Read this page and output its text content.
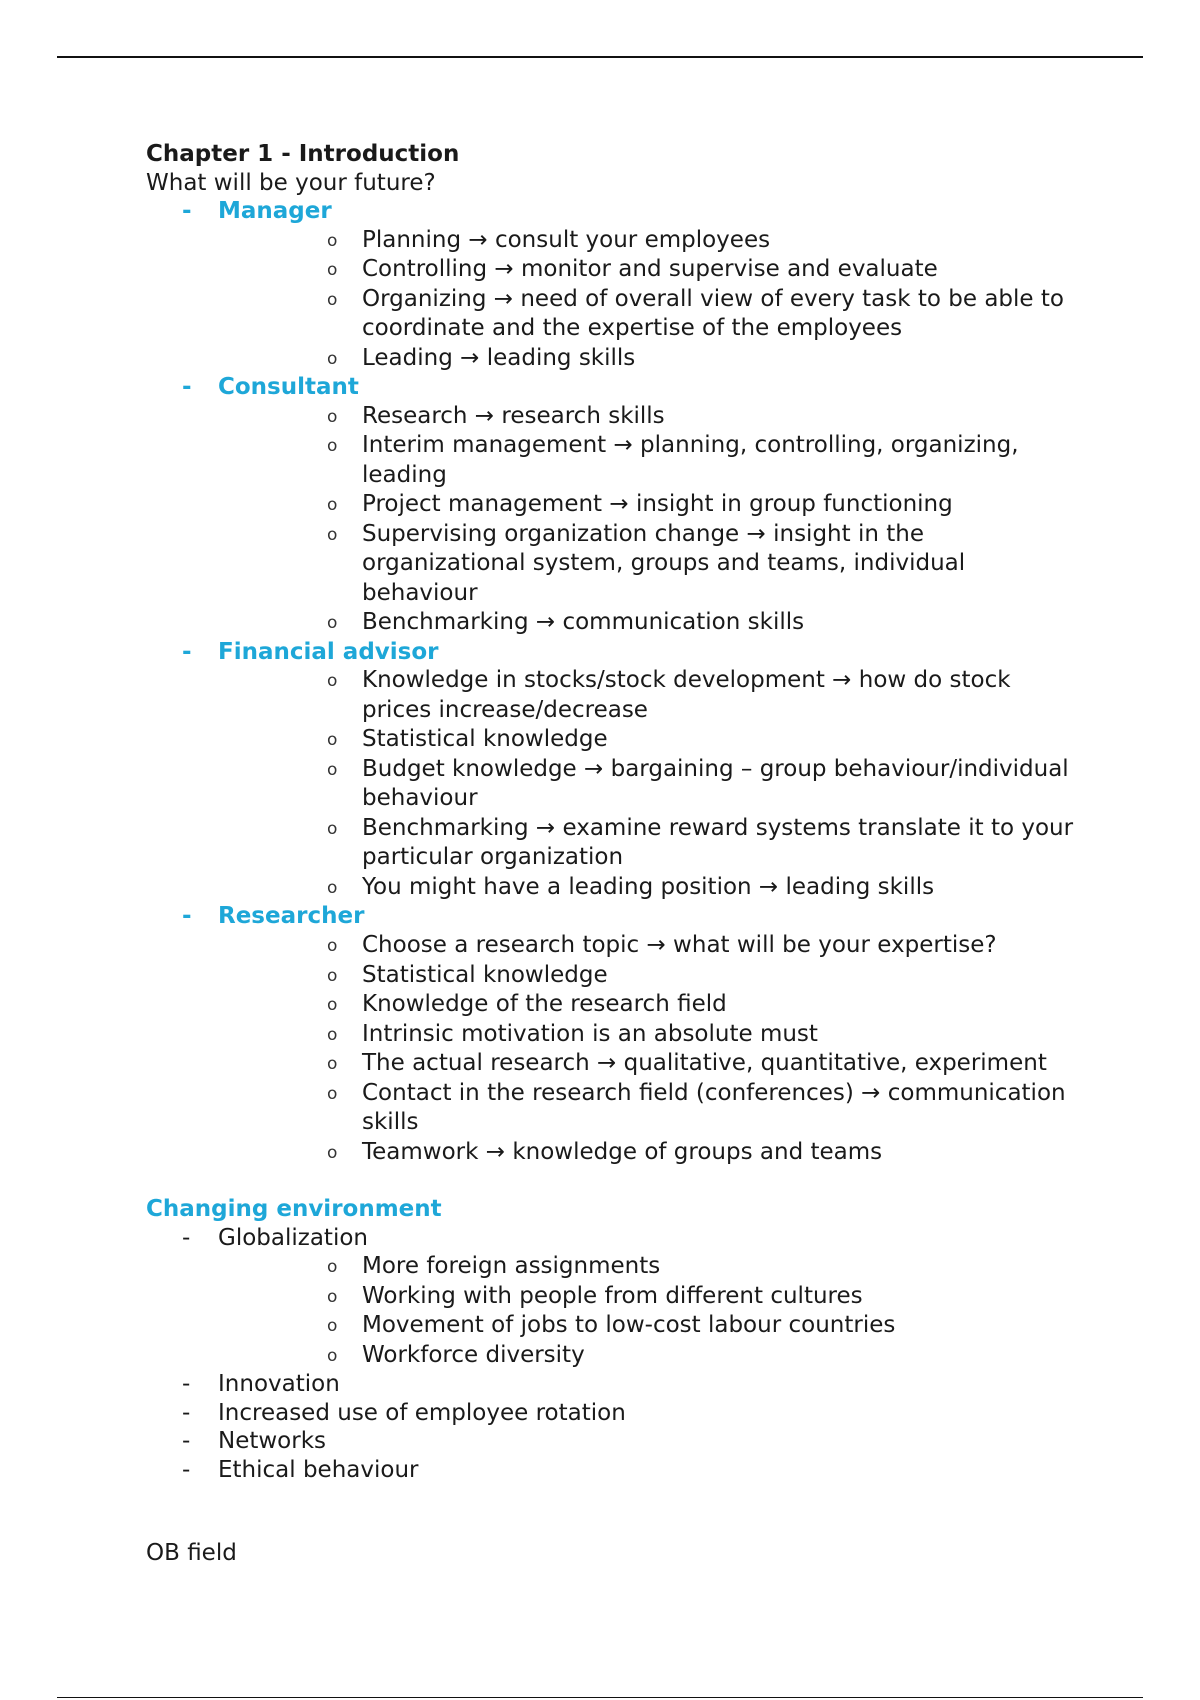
Chapter 1 - Introduction

What will be your future?

-	Manager
o Planning → consult your employees
o Controlling → monitor and supervise and evaluate
o Organizing → need of overall view of every task to be able to coordinate and the expertise of the employees
o Leading → leading skills
-	Consultant
o Research → research skills
o Interim management → planning, controlling, organizing, leading
o Project management → insight in group functioning
o Supervising organization change → insight in the organizational system, groups and teams, individual behaviour
o Benchmarking → communication skills
-	Financial advisor
o Knowledge in stocks/stock development → how do stock prices increase/decrease
o Statistical knowledge
o Budget knowledge → bargaining – group behaviour/individual behaviour
o Benchmarking → examine reward systems translate it to your particular organization
o You might have a leading position → leading skills
-	Researcher
o Choose a research topic → what will be your expertise?
o Statistical knowledge
o Knowledge of the research field
o Intrinsic motivation is an absolute must
o The actual research → qualitative, quantitative, experiment
o Contact in the research field (conferences) → communication skills
o Teamwork → knowledge of groups and teams

Changing environment

-	Globalization
o More foreign assignments
o Working with people from different cultures
o Movement of jobs to low-cost labour countries
o Workforce diversity
-	Innovation
-	Increased use of employee rotation
-	Networks
-	Ethical behaviour

OB field
